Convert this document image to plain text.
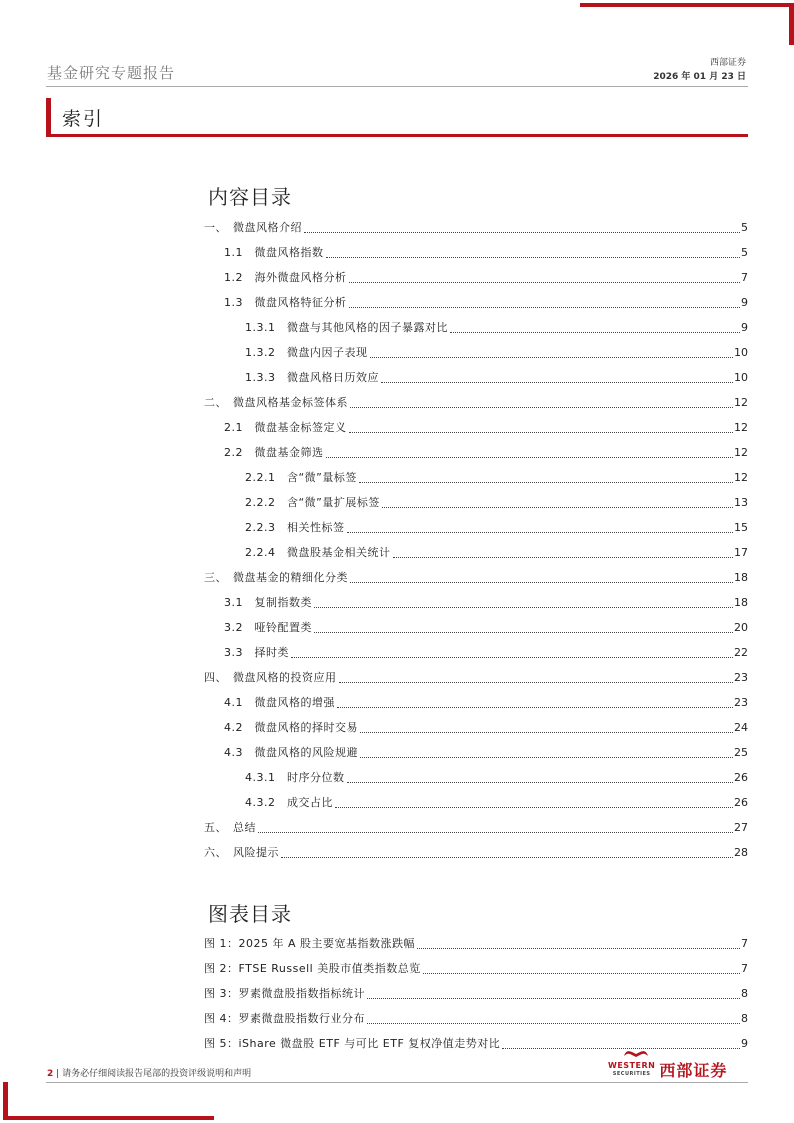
基金研究专题报告
西部证券
2026 年 01 月 23 日
索引
内容目录
一、　微盘风格介绍	5
1.1　微盘风格指数	5
1.2　海外微盘风格分析	7
1.3　微盘风格特征分析	9
1.3.1　微盘与其他风格的因子暴露对比	9
1.3.2　微盘内因子表现	10
1.3.3　微盘风格日历效应	10
二、　微盘风格基金标签体系	12
2.1　微盘基金标签定义	12
2.2　微盘基金筛选	12
2.2.1　含“微”量标签	12
2.2.2　含“微”量扩展标签	13
2.2.3　相关性标签	15
2.2.4　微盘股基金相关统计	17
三、　微盘基金的精细化分类	18
3.1　复制指数类	18
3.2　哑铃配置类	20
3.3　择时类	22
四、　微盘风格的投资应用	23
4.1　微盘风格的增强	23
4.2　微盘风格的择时交易	24
4.3　微盘风格的风险规避	25
4.3.1　时序分位数	26
4.3.2　成交占比	26
五、　总结	27
六、　风险提示	28
图表目录
图 1：2025 年 A 股主要宽基指数涨跌幅	7
图 2：FTSE Russell 美股市值类指数总览	7
图 3：罗素微盘股指数指标统计	8
图 4：罗素微盘股指数行业分布	8
图 5：iShare 微盘股 ETF 与可比 ETF 复权净值走势对比	9
2 | 请务必仔细阅读报告尾部的投资评级说明和声明
WESTERN
SECURITIES 西部证券
